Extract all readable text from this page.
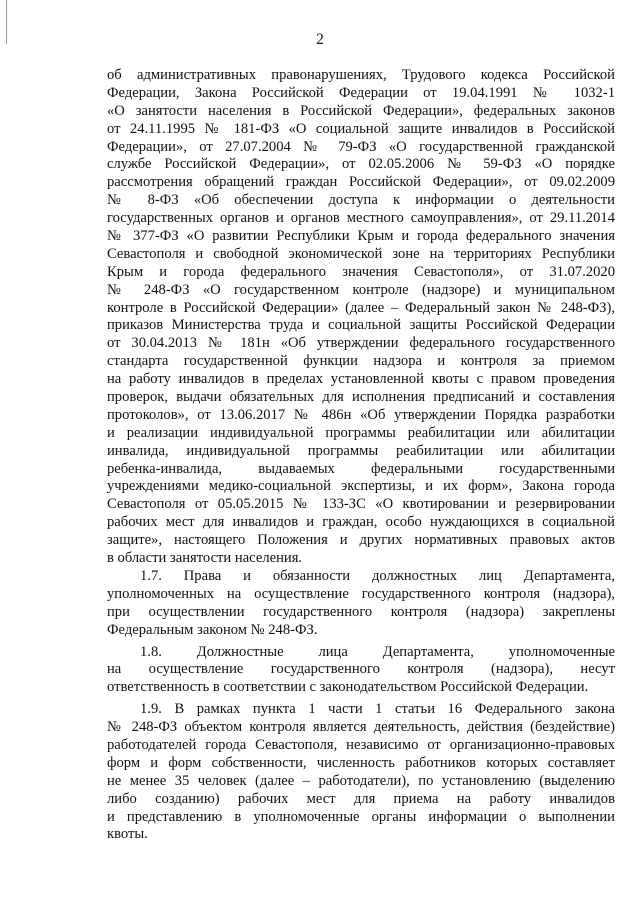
2
об административных правонарушениях, Трудового кодекса Российской
Федерации, Закона Российской Федерации от 19.04.1991 № 1032-1
«О занятости населения в Российской Федерации», федеральных законов
от 24.11.1995 № 181-ФЗ «О социальной защите инвалидов в Российской
Федерации», от 27.07.2004 № 79-ФЗ «О государственной гражданской
службе Российской Федерации», от 02.05.2006 № 59-ФЗ «О порядке
рассмотрения обращений граждан Российской Федерации», от 09.02.2009
№ 8-ФЗ «Об обеспечении доступа к информации о деятельности
государственных органов и органов местного самоуправления», от 29.11.2014
№ 377-ФЗ «О развитии Республики Крым и города федерального значения
Севастополя и свободной экономической зоне на территориях Республики
Крым и города федерального значения Севастополя», от 31.07.2020
№ 248-ФЗ «О государственном контроле (надзоре) и муниципальном
контроле в Российской Федерации» (далее – Федеральный закон № 248-ФЗ),
приказов Министерства труда и социальной защиты Российской Федерации
от 30.04.2013 № 181н «Об утверждении федерального государственного
стандарта государственной функции надзора и контроля за приемом
на работу инвалидов в пределах установленной квоты с правом проведения
проверок, выдачи обязательных для исполнения предписаний и составления
протоколов», от 13.06.2017 № 486н «Об утверждении Порядка разработки
и реализации индивидуальной программы реабилитации или абилитации
инвалида, индивидуальной программы реабилитации или абилитации
ребенка-инвалида, выдаваемых федеральными государственными
учреждениями медико-социальной экспертизы, и их форм», Закона города
Севастополя от 05.05.2015 № 133-ЗС «О квотировании и резервировании
рабочих мест для инвалидов и граждан, особо нуждающихся в социальной
защите», настоящего Положения и других нормативных правовых актов
в области занятости населения.
1.7. Права и обязанности должностных лиц Департамента,
уполномоченных на осуществление государственного контроля (надзора),
при осуществлении государственного контроля (надзора) закреплены
Федеральным законом № 248-ФЗ.
1.8. Должностные лица Департамента, уполномоченные
на осуществление государственного контроля (надзора), несут
ответственность в соответствии с законодательством Российской Федерации.
1.9. В рамках пункта 1 части 1 статьи 16 Федерального закона
№ 248-ФЗ объектом контроля является деятельность, действия (бездействие)
работодателей города Севастополя, независимо от организационно-правовых
форм и форм собственности, численность работников которых составляет
не менее 35 человек (далее – работодатели), по установлению (выделению
либо созданию) рабочих мест для приема на работу инвалидов
и представлению в уполномоченные органы информации о выполнении
квоты.
